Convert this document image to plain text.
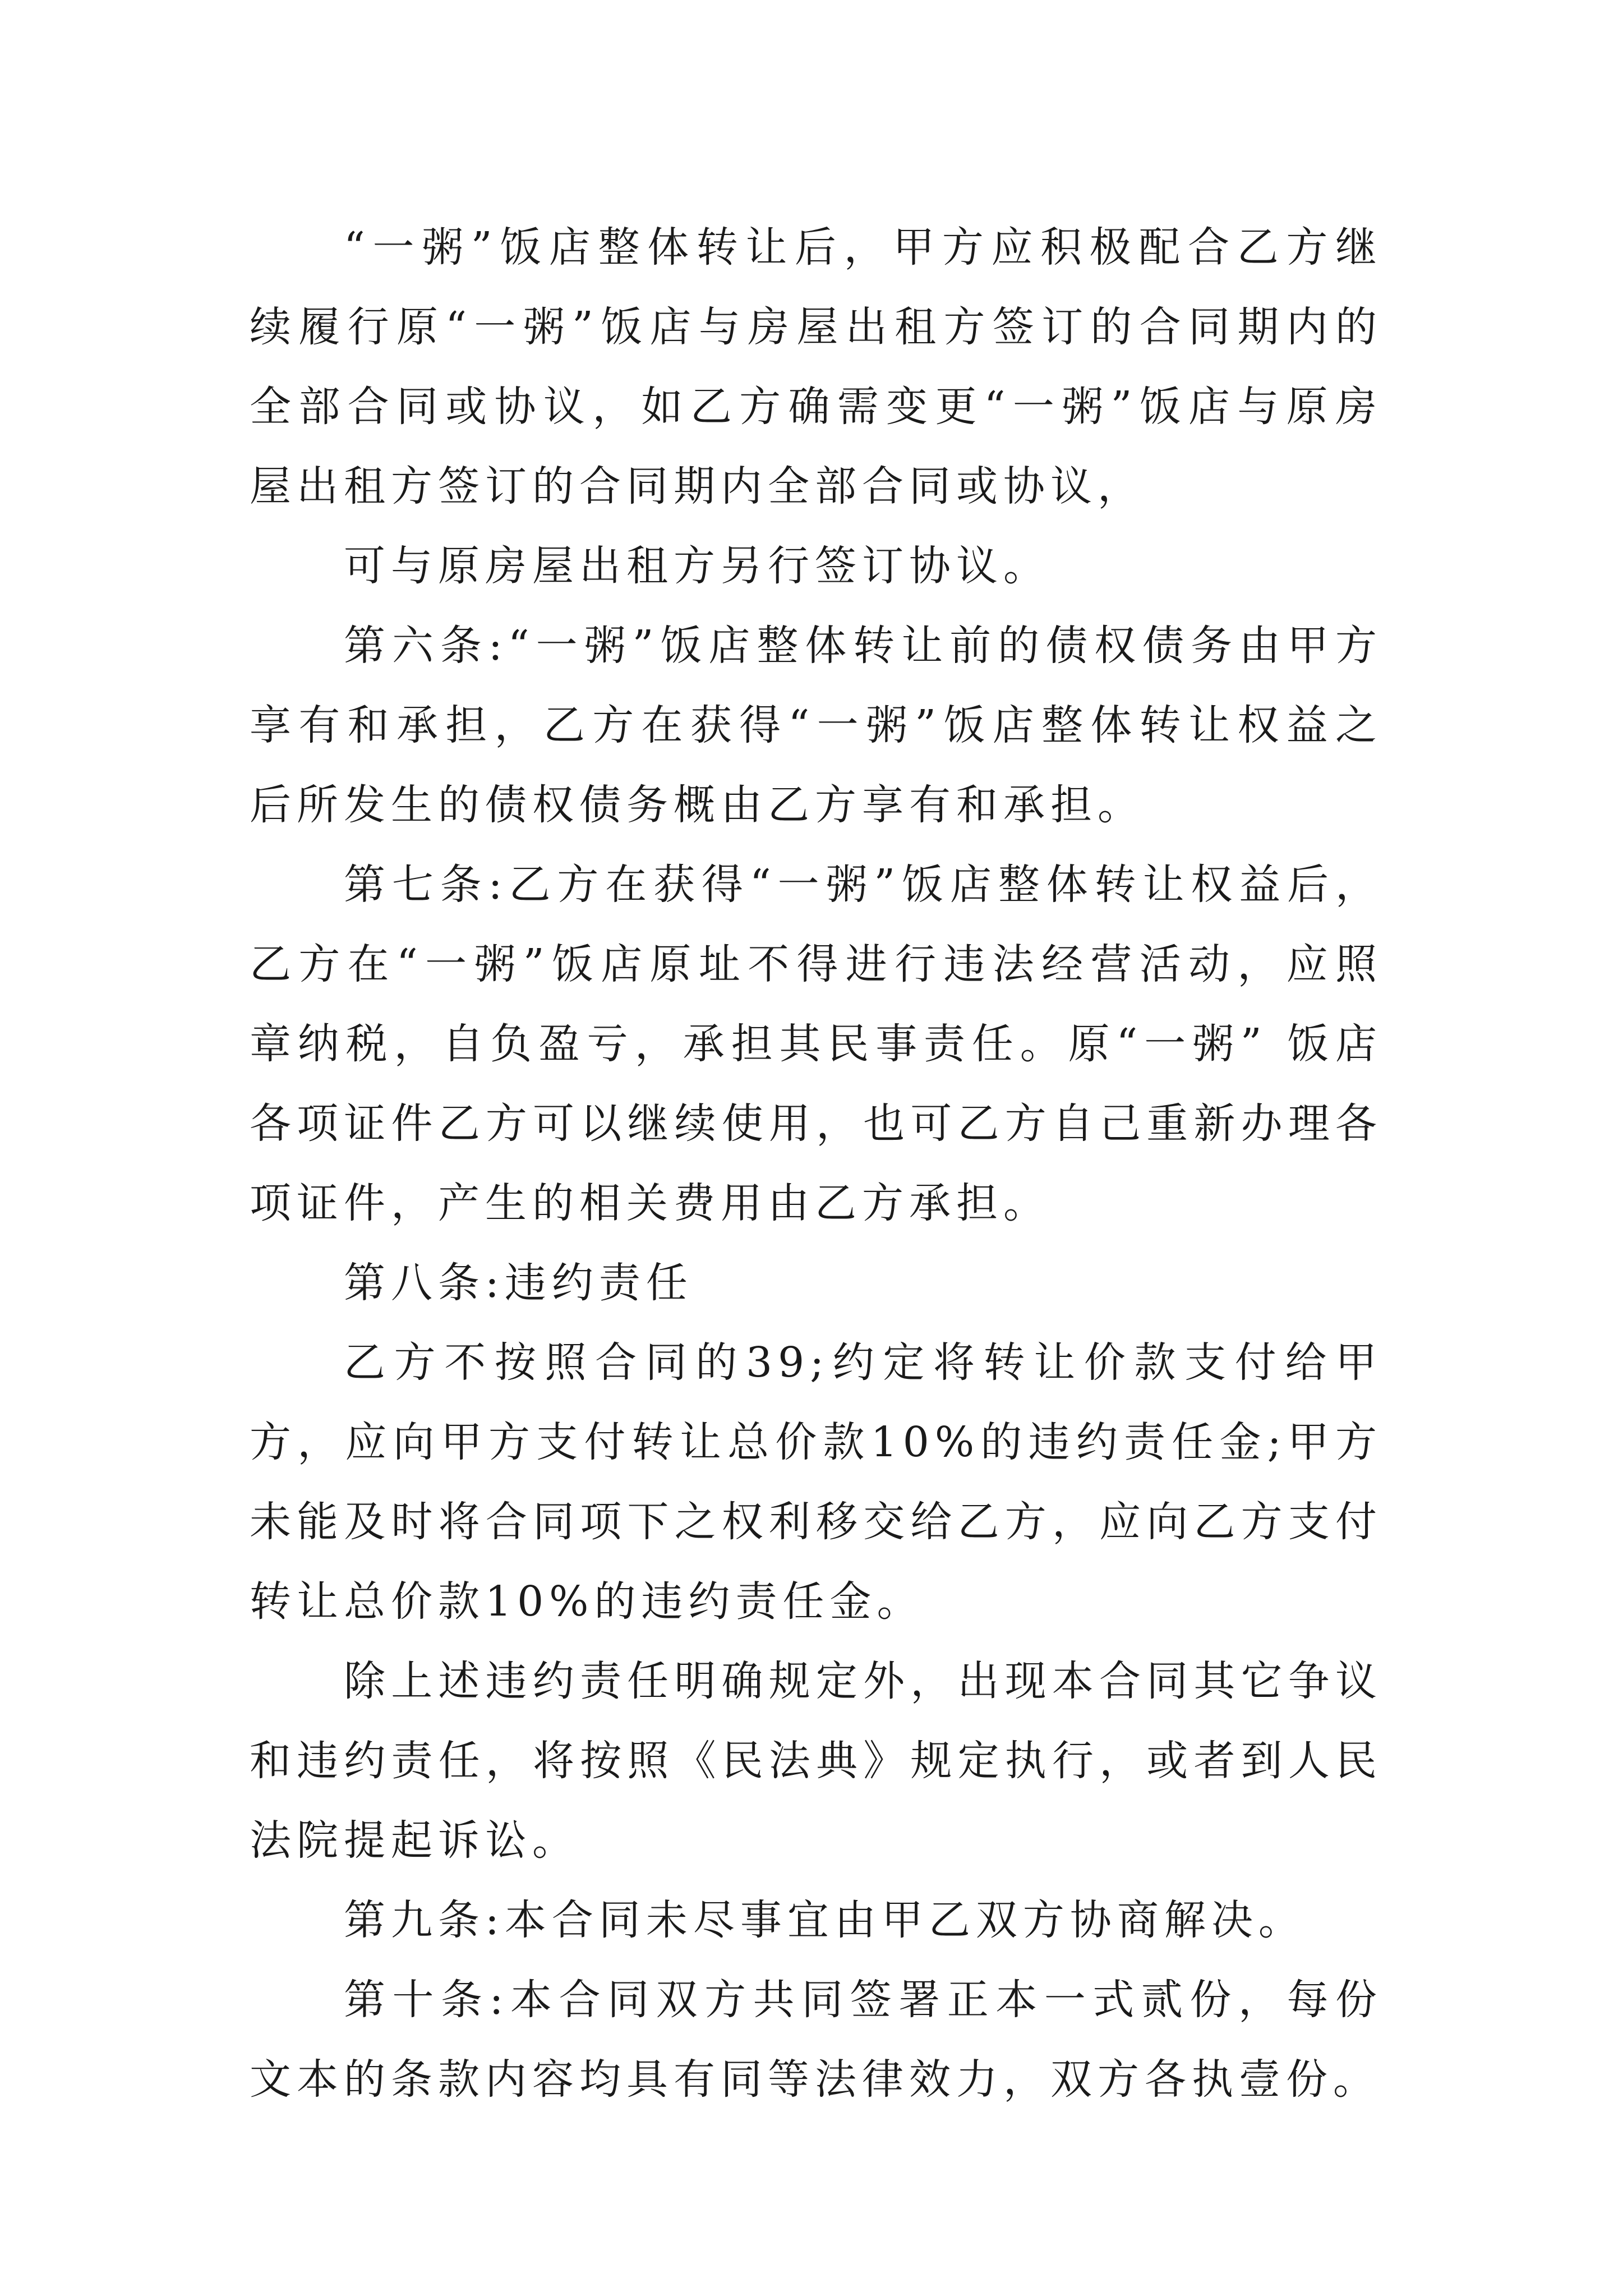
“一粥”饭店整体转让后，甲方应积极配合乙方继续履行原“一粥”饭店与房屋出租方签订的合同期内的全部合同或协议，如乙方确需变更“一粥”饭店与原房屋出租方签订的合同期内全部合同或协议，

可与原房屋出租方另行签订协议。

第六条:“一粥”饭店整体转让前的债权债务由甲方享有和承担，乙方在获得“一粥”饭店整体转让权益之后所发生的债权债务概由乙方享有和承担。

第七条:乙方在获得“一粥”饭店整体转让权益后，乙方在“一粥”饭店原址不得进行违法经营活动，应照章纳税，自负盈亏，承担其民事责任。原“一粥” 饭店各项证件乙方可以继续使用，也可乙方自己重新办理各项证件，产生的相关费用由乙方承担。

第八条:违约责任

乙方不按照合同的39;约定将转让价款支付给甲方，应向甲方支付转让总价款10%的违约责任金;甲方未能及时将合同项下之权利移交给乙方，应向乙方支付转让总价款10%的违约责任金。

除上述违约责任明确规定外，出现本合同其它争议和违约责任，将按照《民法典》规定执行，或者到人民法院提起诉讼。

第九条:本合同未尽事宜由甲乙双方协商解决。

第十条:本合同双方共同签署正本一式贰份，每份文本的条款内容均具有同等法律效力，双方各执壹份。
